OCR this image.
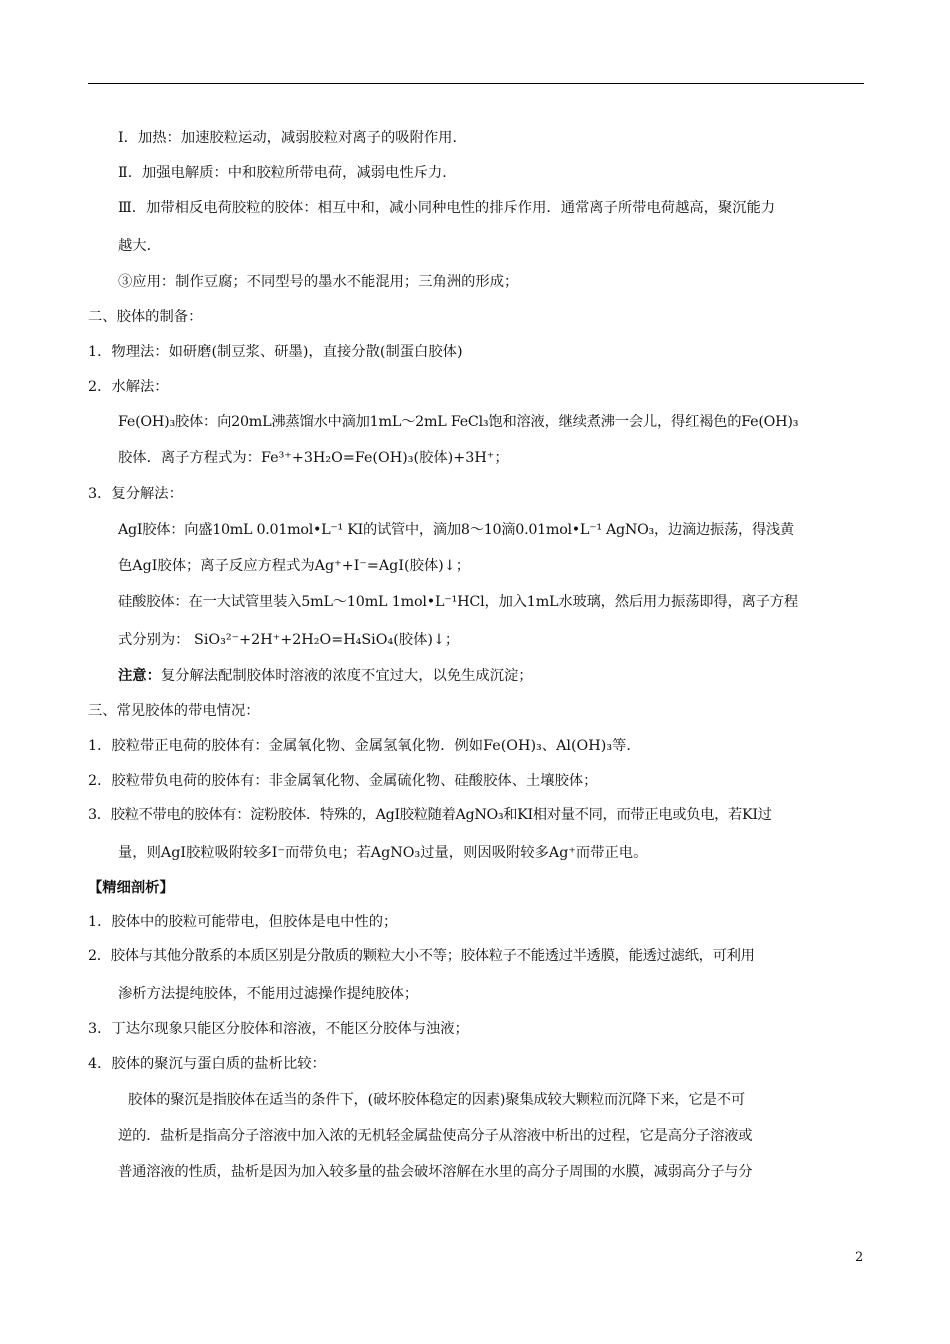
Ⅰ．加热：加速胶粒运动，减弱胶粒对离子的吸附作用．
Ⅱ．加强电解质：中和胶粒所带电荷，减弱电性斥力．
Ⅲ．加带相反电荷胶粒的胶体：相互中和，减小同种电性的排斥作用．通常离子所带电荷越高，聚沉能力
越大．
③应用：制作豆腐；不同型号的墨水不能混用；三角洲的形成；
二、胶体的制备：
1．物理法：如研磨(制豆浆、研墨)，直接分散(制蛋白胶体)
2．水解法：
Fe(OH)₃胶体：向20mL沸蒸馏水中滴加1mL～2mL FeCl₃饱和溶液，继续煮沸一会儿，得红褐色的Fe(OH)₃
胶体．离子方程式为：Fe³⁺+3H₂O=Fe(OH)₃(胶体)+3H⁺；
3．复分解法：
AgI胶体：向盛10mL 0.01mol•L⁻¹ KI的试管中，滴加8～10滴0.01mol•L⁻¹ AgNO₃，边滴边振荡，得浅黄
色AgI胶体；离子反应方程式为Ag⁺+I⁻=AgI(胶体)↓；
硅酸胶体：在一大试管里装入5mL～10mL 1mol•L⁻¹HCl，加入1mL水玻璃，然后用力振荡即得，离子方程
式分别为： SiO₃²⁻+2H⁺+2H₂O=H₄SiO₄(胶体)↓；
注意：复分解法配制胶体时溶液的浓度不宜过大，以免生成沉淀；
三、常见胶体的带电情况：
1．胶粒带正电荷的胶体有：金属氧化物、金属氢氧化物．例如Fe(OH)₃、Al(OH)₃等．
2．胶粒带负电荷的胶体有：非金属氧化物、金属硫化物、硅酸胶体、土壤胶体；
3．胶粒不带电的胶体有：淀粉胶体．特殊的，AgI胶粒随着AgNO₃和KI相对量不同，而带正电或负电，若KI过
量，则AgI胶粒吸附较多I⁻而带负电；若AgNO₃过量，则因吸附较多Ag⁺而带正电。
【精细剖析】
1．胶体中的胶粒可能带电，但胶体是电中性的；
2．胶体与其他分散系的本质区别是分散质的颗粒大小不等；胶体粒子不能透过半透膜，能透过滤纸，可利用
渗析方法提纯胶体，不能用过滤操作提纯胶体；
3．丁达尔现象只能区分胶体和溶液，不能区分胶体与浊液；
4．胶体的聚沉与蛋白质的盐析比较：
胶体的聚沉是指胶体在适当的条件下，(破坏胶体稳定的因素)聚集成较大颗粒而沉降下来，它是不可
逆的．盐析是指高分子溶液中加入浓的无机轻金属盐使高分子从溶液中析出的过程，它是高分子溶液或
普通溶液的性质，盐析是因为加入较多量的盐会破坏溶解在水里的高分子周围的水膜，减弱高分子与分
2
